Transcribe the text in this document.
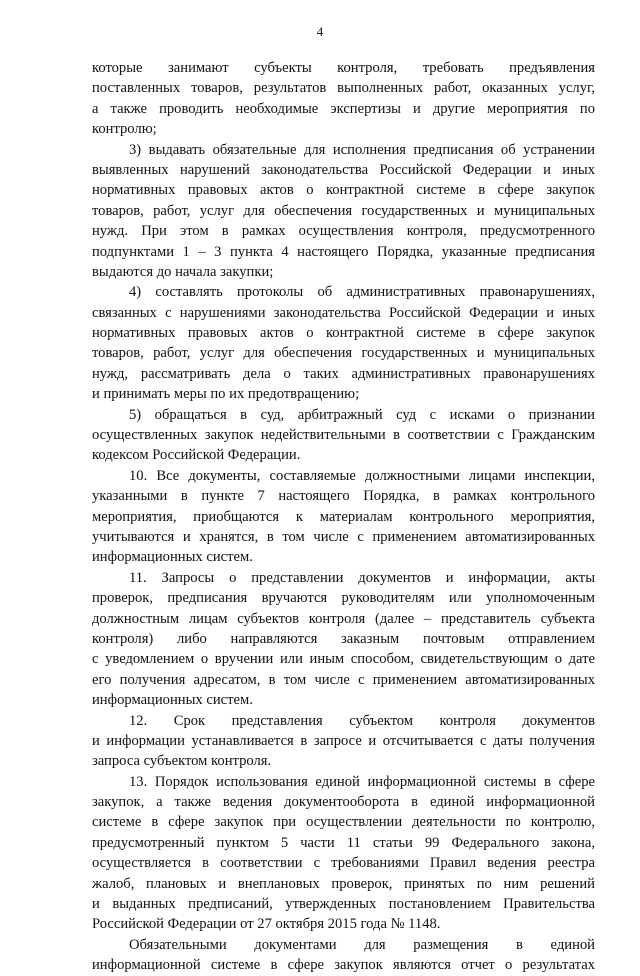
4
которые занимают субъекты контроля, требовать предъявления
поставленных товаров, результатов выполненных работ, оказанных услуг,
а также проводить необходимые экспертизы и другие мероприятия по
контролю;
3) выдавать обязательные для исполнения предписания об устранении
выявленных нарушений законодательства Российской Федерации и иных
нормативных правовых актов о контрактной системе в сфере закупок
товаров, работ, услуг для обеспечения государственных и муниципальных
нужд. При этом в рамках осуществления контроля, предусмотренного
подпунктами 1 – 3 пункта 4 настоящего Порядка, указанные предписания
выдаются до начала закупки;
4) составлять протоколы об административных правонарушениях,
связанных с нарушениями законодательства Российской Федерации и иных
нормативных правовых актов о контрактной системе в сфере закупок
товаров, работ, услуг для обеспечения государственных и муниципальных
нужд, рассматривать дела о таких административных правонарушениях
и принимать меры по их предотвращению;
5) обращаться в суд, арбитражный суд с исками о признании
осуществленных закупок недействительными в соответствии с Гражданским
кодексом Российской Федерации.
10. Все документы, составляемые должностными лицами инспекции,
указанными в пункте 7 настоящего Порядка, в рамках контрольного
мероприятия, приобщаются к материалам контрольного мероприятия,
учитываются и хранятся, в том числе с применением автоматизированных
информационных систем.
11. Запросы о представлении документов и информации, акты
проверок, предписания вручаются руководителям или уполномоченным
должностным лицам субъектов контроля (далее – представитель субъекта
контроля) либо направляются заказным почтовым отправлением
с уведомлением о вручении или иным способом, свидетельствующим о дате
его получения адресатом, в том числе с применением автоматизированных
информационных систем.
12. Срок представления субъектом контроля документов
и информации устанавливается в запросе и отсчитывается с даты получения
запроса субъектом контроля.
13. Порядок использования единой информационной системы в сфере
закупок, а также ведения документооборота в единой информационной
системе в сфере закупок при осуществлении деятельности по контролю,
предусмотренный пунктом 5 части 11 статьи 99 Федерального закона,
осуществляется в соответствии с требованиями Правил ведения реестра
жалоб, плановых и внеплановых проверок, принятых по ним решений
и выданных предписаний, утвержденных постановлением Правительства
Российской Федерации от 27 октября 2015 года № 1148.
Обязательными документами для размещения в единой
информационной системе в сфере закупок являются отчет о результатах
